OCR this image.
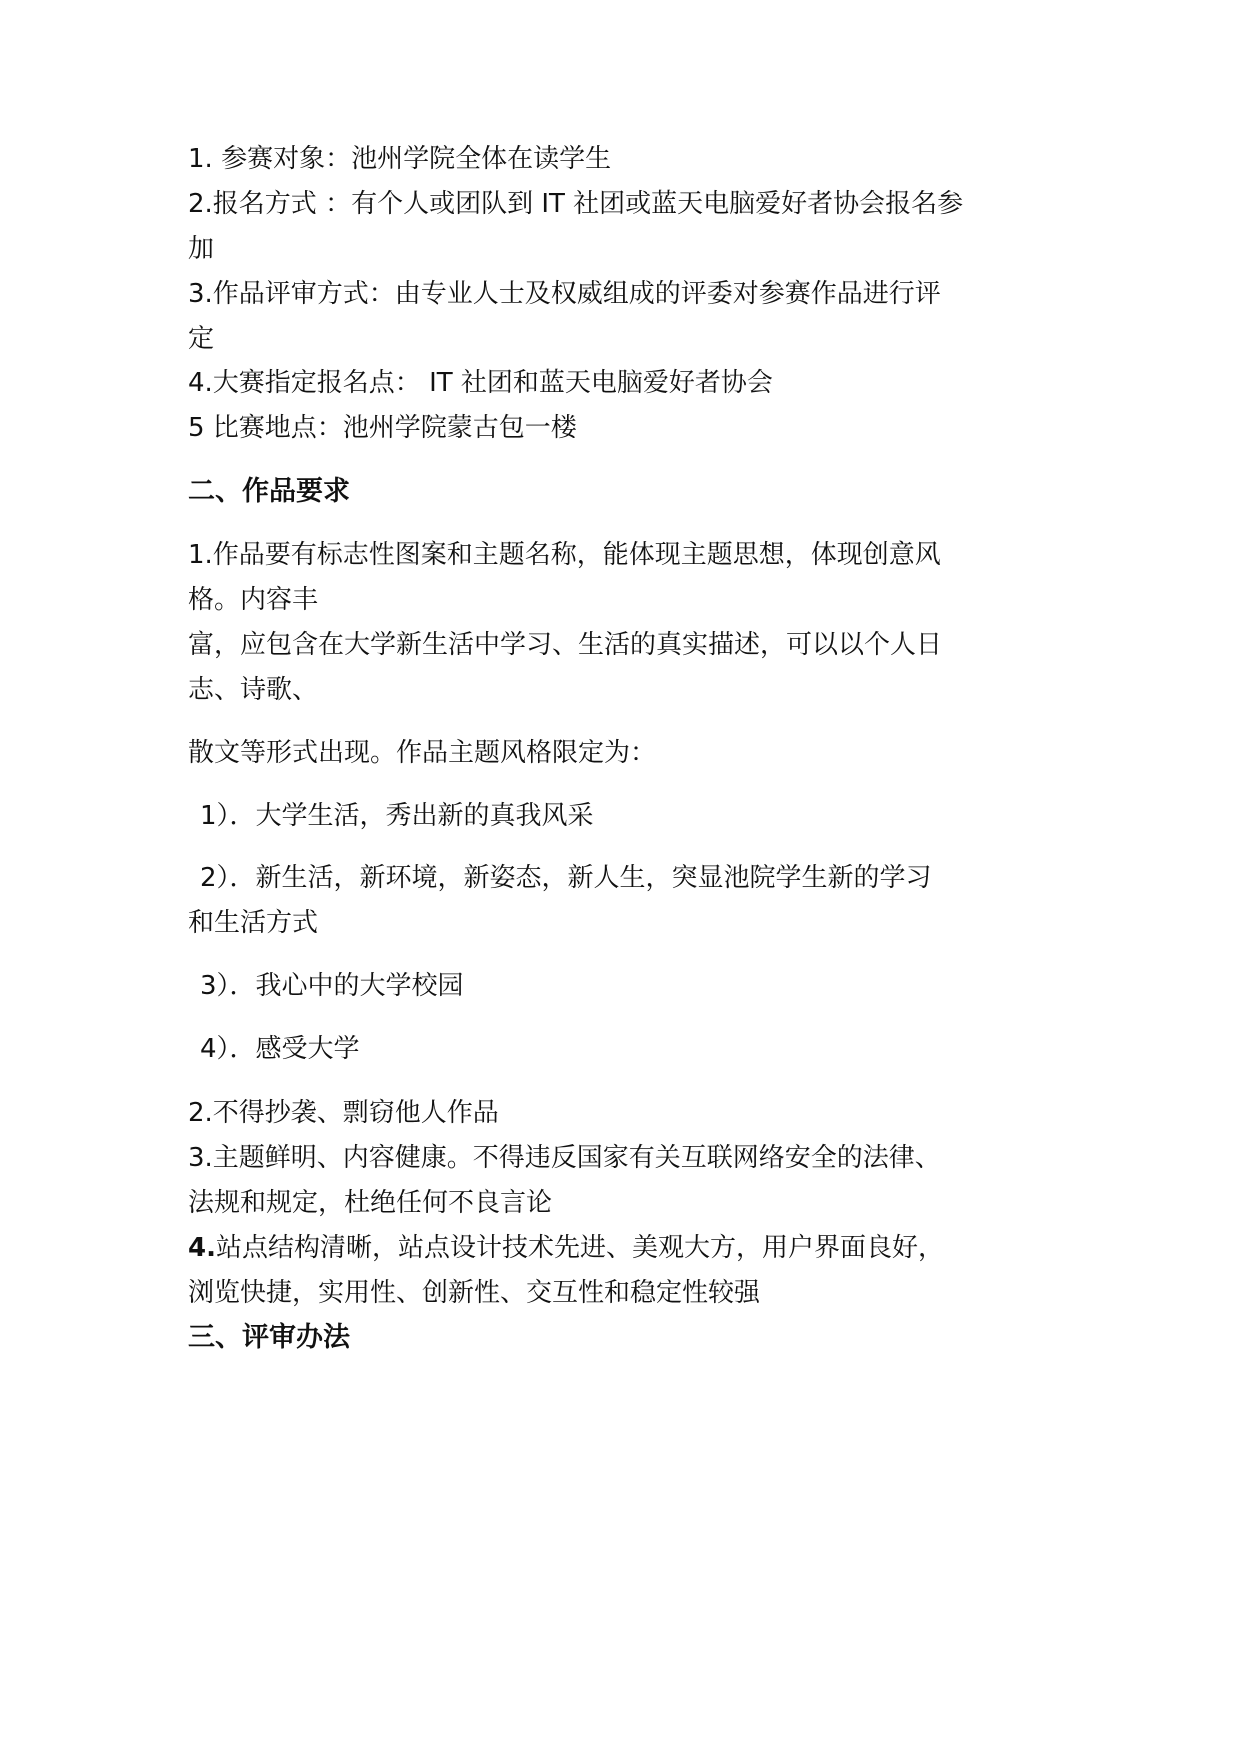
1. 参赛对象：池州学院全体在读学生
2.报名方式 ：有个人或团队到 IT 社团或蓝天电脑爱好者协会报名参
加
3.作品评审方式：由专业人士及权威组成的评委对参赛作品进行评
定
4.大赛指定报名点： IT 社团和蓝天电脑爱好者协会
5 比赛地点：池州学院蒙古包一楼
二、作品要求
1.作品要有标志性图案和主题名称，能体现主题思想，体现创意风
格。内容丰
富，应包含在大学新生活中学习、生活的真实描述，可以以个人日
志、诗歌、
散文等形式出现。作品主题风格限定为：
1）．大学生活，秀出新的真我风采
2）．新生活，新环境，新姿态，新人生，突显池院学生新的学习
和生活方式
3）．我心中的大学校园
4）．感受大学
2.不得抄袭、剽窃他人作品
3.主题鲜明、内容健康。不得违反国家有关互联网络安全的法律、
法规和规定，杜绝任何不良言论
4.站点结构清晰，站点设计技术先进、美观大方，用户界面良好，
浏览快捷，实用性、创新性、交互性和稳定性较强
三、评审办法
